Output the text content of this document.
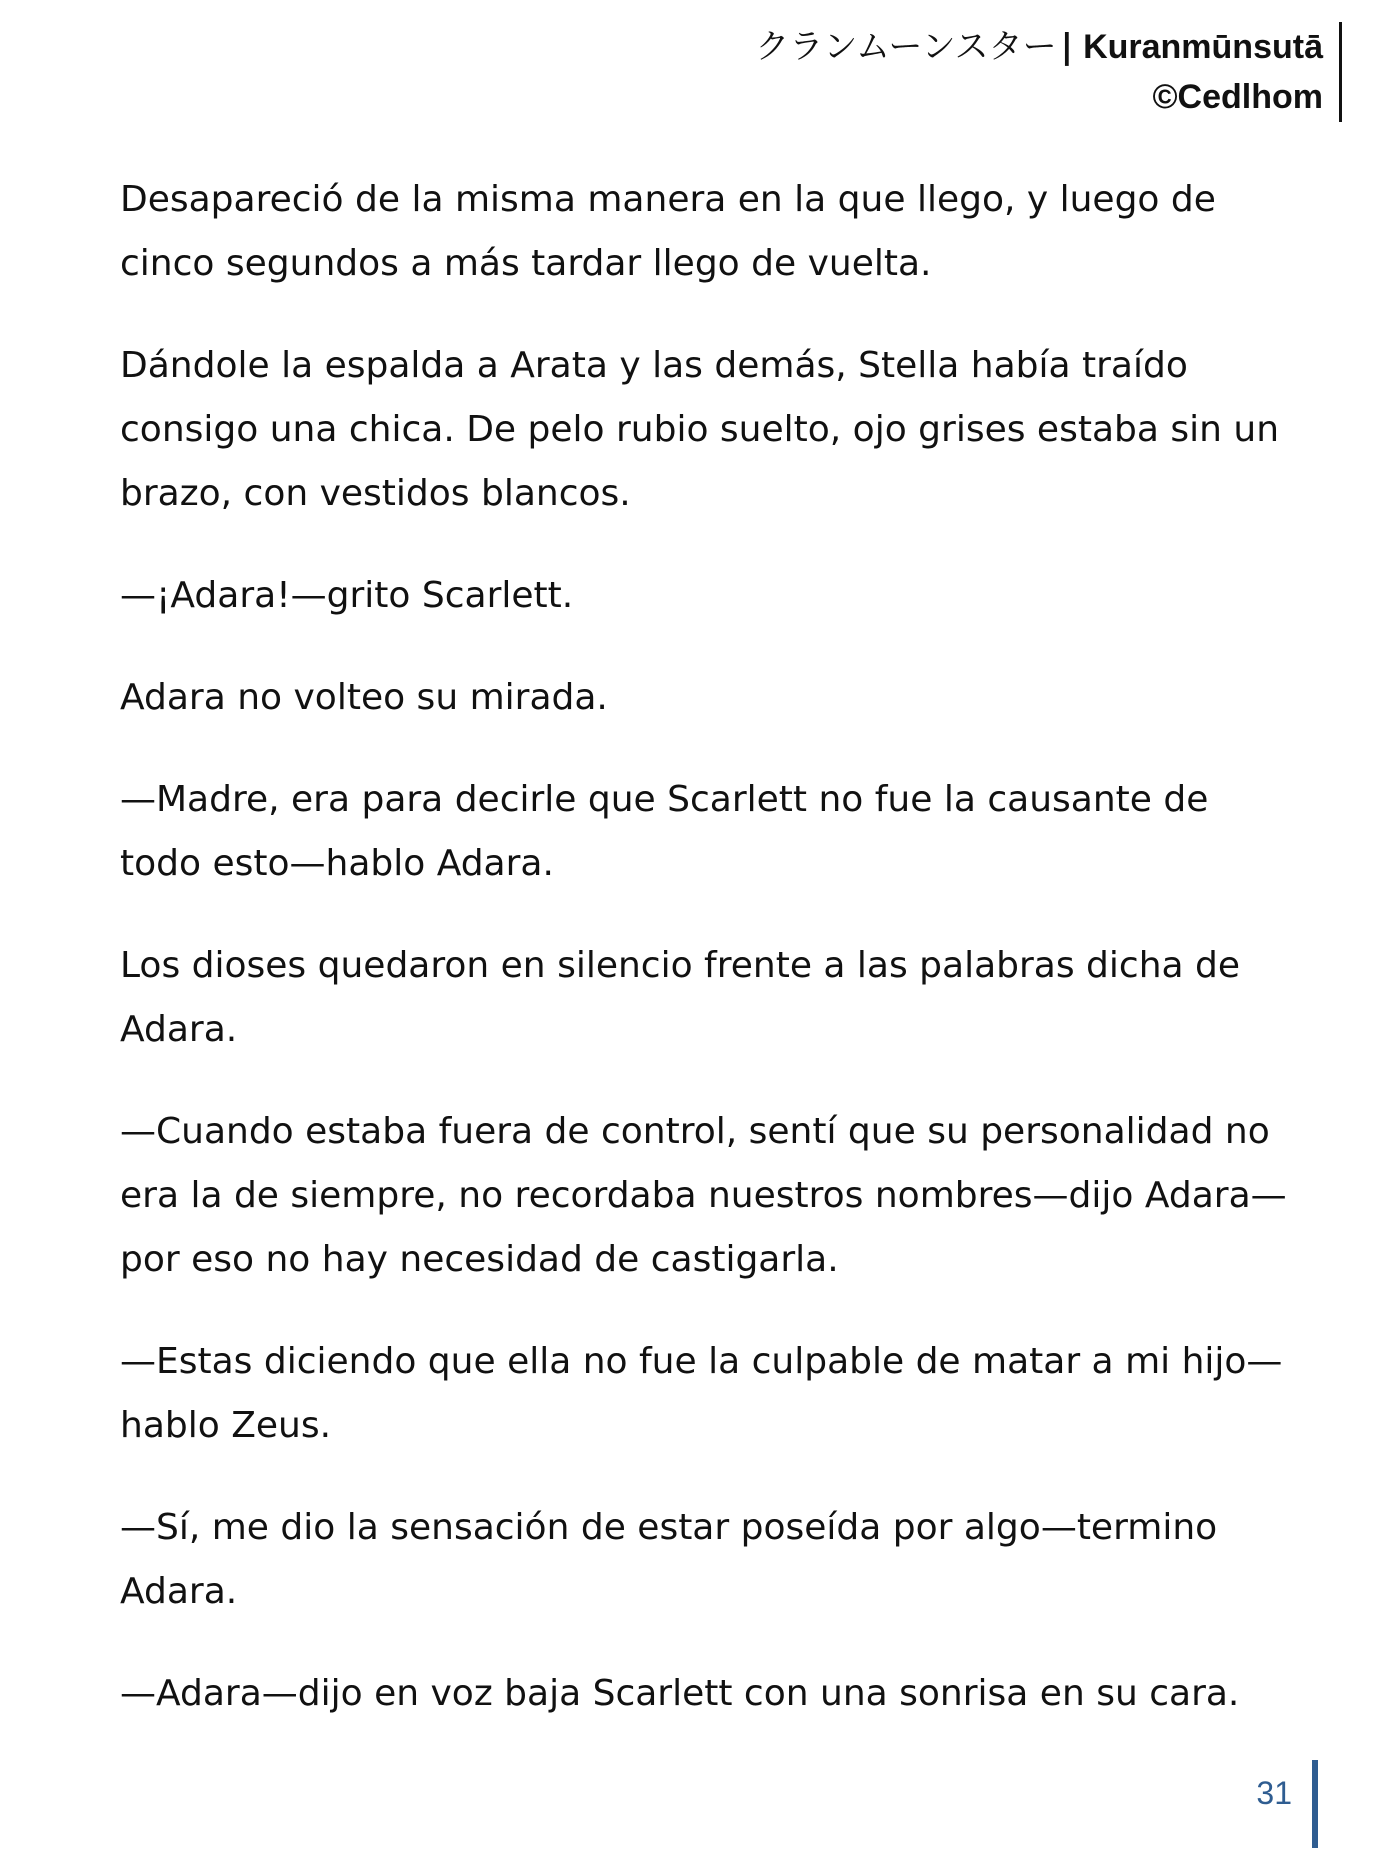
クランムーンスター | Kuranmūnsutā
©Cedlhom

Desapareció de la misma manera en la que llego, y luego de cinco segundos a más tardar llego de vuelta.

Dándole la espalda a Arata y las demás, Stella había traído consigo una chica. De pelo rubio suelto, ojo grises estaba sin un brazo, con vestidos blancos.

—¡Adara!—grito Scarlett.

Adara no volteo su mirada.

—Madre, era para decirle que Scarlett no fue la causante de todo esto—hablo Adara.

Los dioses quedaron en silencio frente a las palabras dicha de Adara.

—Cuando estaba fuera de control, sentí que su personalidad no era la de siempre, no recordaba nuestros nombres—dijo Adara—por eso no hay necesidad de castigarla.

—Estas diciendo que ella no fue la culpable de matar a mi hijo—hablo Zeus.

—Sí, me dio la sensación de estar poseída por algo—termino Adara.

—Adara—dijo en voz baja Scarlett con una sonrisa en su cara.

31
